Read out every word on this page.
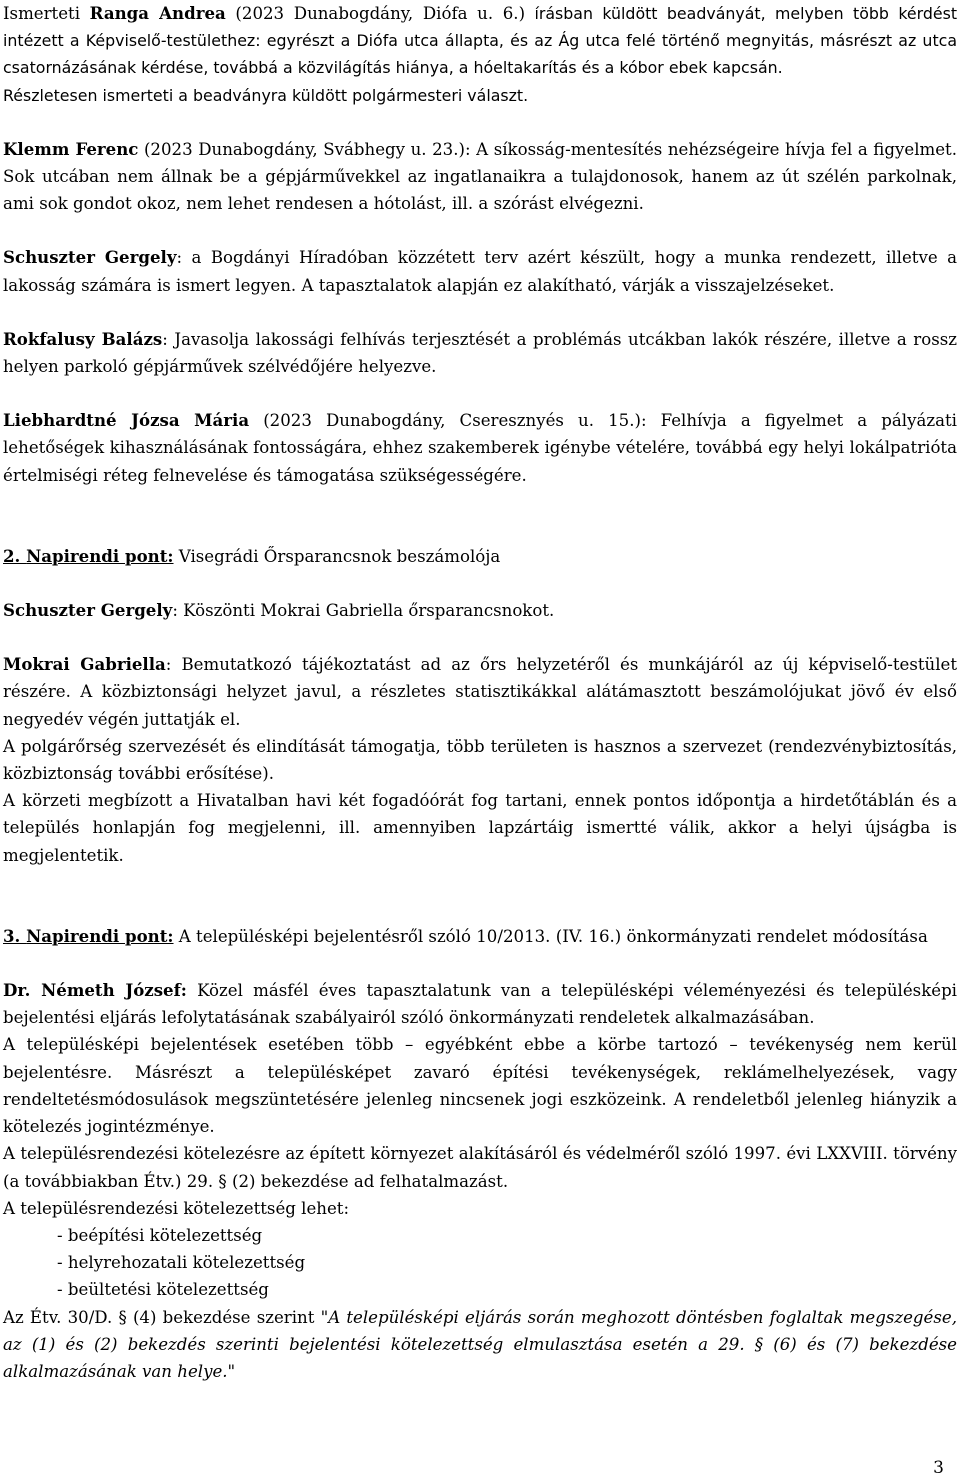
Ismerteti Ranga Andrea (2023 Dunabogdány, Diófa u. 6.) írásban küldött beadványát, melyben több kérdést intézett a Képviselő-testülethez: egyrészt a Diófa utca állapta, és az Ág utca felé történő megnyitás, másrészt az utca csatornázásának kérdése, továbbá a közvilágítás hiánya, a hóeltakarítás és a kóbor ebek kapcsán.

Részletesen ismerteti a beadványra küldött polgármesteri választ.

Klemm Ferenc (2023 Dunabogdány, Svábhegy u. 23.): A síkosság-mentesítés nehézségeire hívja fel a figyelmet. Sok utcában nem állnak be a gépjárművekkel az ingatlanaikra a tulajdonosok, hanem az út szélén parkolnak, ami sok gondot okoz, nem lehet rendesen a hótolást, ill. a szórást elvégezni.

Schuszter Gergely: a Bogdányi Híradóban közzétett terv azért készült, hogy a munka rendezett, illetve a lakosság számára is ismert legyen. A tapasztalatok alapján ez alakítható, várják a visszajelzéseket.

Rokfalusy Balázs: Javasolja lakossági felhívás terjesztését a problémás utcákban lakók részére, illetve a rossz helyen parkoló gépjárművek szélvédőjére helyezve.

Liebhardtné Józsa Mária (2023 Dunabogdány, Cseresznyés u. 15.): Felhívja a figyelmet a pályázati lehetőségek kihasználásának fontosságára, ehhez szakemberek igénybe vételére, továbbá egy helyi lokálpatrióta értelmiségi réteg felnevelése és támogatása szükségességére.

2. Napirendi pont: Visegrádi Őrsparancsnok beszámolója

Schuszter Gergely: Köszönti Mokrai Gabriella őrsparancsnokot.

Mokrai Gabriella: Bemutatkozó tájékoztatást ad az őrs helyzetéről és munkájáról az új képviselő-testület részére. A közbiztonsági helyzet javul, a részletes statisztikákkal alátámasztott beszámolójukat jövő év első negyedév végén juttatják el.

A polgárőrség szervezését és elindítását támogatja, több területen is hasznos a szervezet (rendezvénybiztosítás, közbiztonság további erősítése).

A körzeti megbízott a Hivatalban havi két fogadóórát fog tartani, ennek pontos időpontja a hirdetőtáblán és a település honlapján fog megjelenni, ill. amennyiben lapzártáig ismertté válik, akkor a helyi újságba is megjelentetik.

3. Napirendi pont: A településképi bejelentésről szóló 10/2013. (IV. 16.) önkormányzati rendelet módosítása

Dr. Németh József: Közel másfél éves tapasztalatunk van a településképi véleményezési és településképi bejelentési eljárás lefolytatásának szabályairól szóló önkormányzati rendeletek alkalmazásában.

A településképi bejelentések esetében több – egyébként ebbe a körbe tartozó – tevékenység nem kerül bejelentésre. Másrészt a településképet zavaró építési tevékenységek, reklámelhelyezések, vagy rendeltetésmódosulások megszüntetésére jelenleg nincsenek jogi eszközeink. A rendeletből jelenleg hiányzik a kötelezés jogintézménye.

A településrendezési kötelezésre az épített környezet alakításáról és védelméről szóló 1997. évi LXXVIII. törvény (a továbbiakban Étv.) 29. § (2) bekezdése ad felhatalmazást.

A településrendezési kötelezettség lehet:

- beépítési kötelezettség

- helyrehozatali kötelezettség

- beültetési kötelezettség

Az Étv. 30/D. § (4) bekezdése szerint "A településképi eljárás során meghozott döntésben foglaltak megszegése, az (1) és (2) bekezdés szerinti bejelentési kötelezettség elmulasztása esetén a 29. § (6) és (7) bekezdése alkalmazásának van helye."

3
